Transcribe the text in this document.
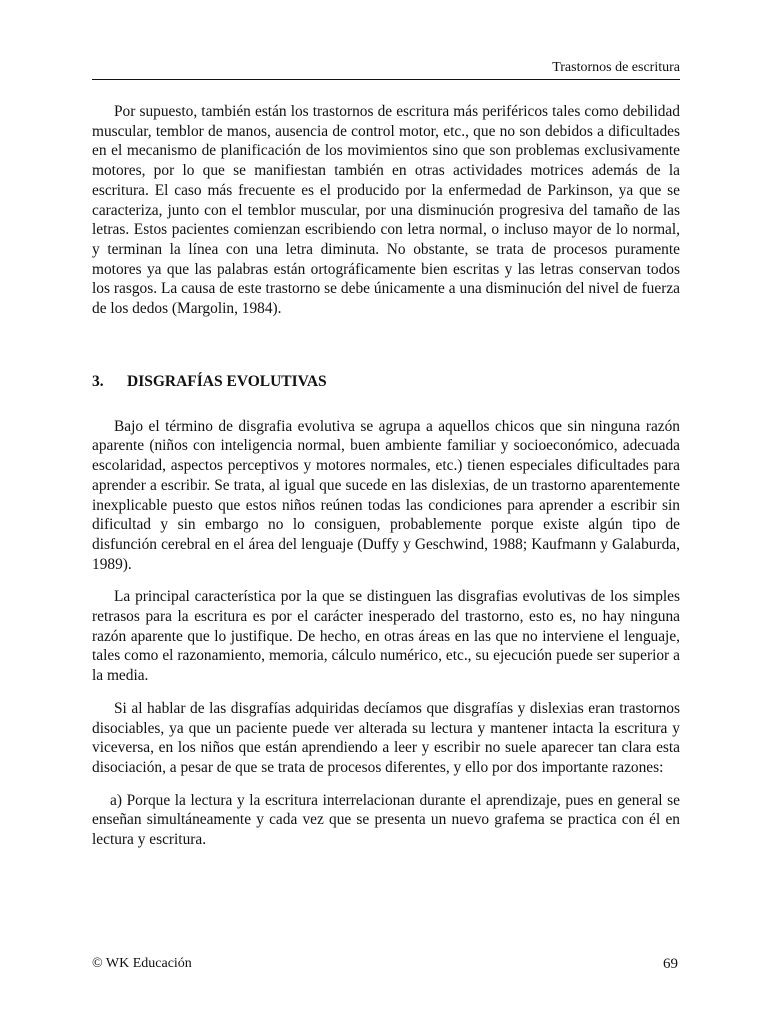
Trastornos de escritura

Por supuesto, también están los trastornos de escritura más periféricos tales como debilidad muscular, temblor de manos, ausencia de control motor, etc., que no son debidos a dificultades en el mecanismo de planificación de los movimientos sino que son problemas exclusivamente motores, por lo que se manifiestan también en otras actividades motrices además de la escritura. El caso más frecuente es el producido por la enfermedad de Parkinson, ya que se caracteriza, junto con el temblor muscular, por una disminución progresiva del tamaño de las letras. Estos pacientes comienzan escribiendo con letra normal, o incluso mayor de lo normal, y terminan la línea con una letra diminuta. No obstante, se trata de procesos puramente motores ya que las palabras están ortográficamente bien escritas y las letras conservan todos los rasgos. La causa de este trastorno se debe únicamente a una disminución del nivel de fuerza de los dedos (Margolin, 1984).

3. DISGRAFÍAS EVOLUTIVAS

Bajo el término de disgrafia evolutiva se agrupa a aquellos chicos que sin ninguna razón aparente (niños con inteligencia normal, buen ambiente familiar y socioeconómico, adecuada escolaridad, aspectos perceptivos y motores normales, etc.) tienen especiales dificultades para aprender a escribir. Se trata, al igual que sucede en las dislexias, de un trastorno aparentemente inexplicable puesto que estos niños reúnen todas las condiciones para aprender a escribir sin dificultad y sin embargo no lo consiguen, probablemente porque existe algún tipo de disfunción cerebral en el área del lenguaje (Duffy y Geschwind, 1988; Kaufmann y Galaburda, 1989).

La principal característica por la que se distinguen las disgrafias evolutivas de los simples retrasos para la escritura es por el carácter inesperado del trastorno, esto es, no hay ninguna razón aparente que lo justifique. De hecho, en otras áreas en las que no interviene el lenguaje, tales como el razonamiento, memoria, cálculo numérico, etc., su ejecución puede ser superior a la media.

Si al hablar de las disgrafías adquiridas decíamos que disgrafías y dislexias eran trastornos disociables, ya que un paciente puede ver alterada su lectura y mantener intacta la escritura y viceversa, en los niños que están aprendiendo a leer y escribir no suele aparecer tan clara esta disociación, a pesar de que se trata de procesos diferentes, y ello por dos importante razones:

a) Porque la lectura y la escritura interrelacionan durante el aprendizaje, pues en general se enseñan simultáneamente y cada vez que se presenta un nuevo grafema se practica con él en lectura y escritura.

© WK Educación	69
